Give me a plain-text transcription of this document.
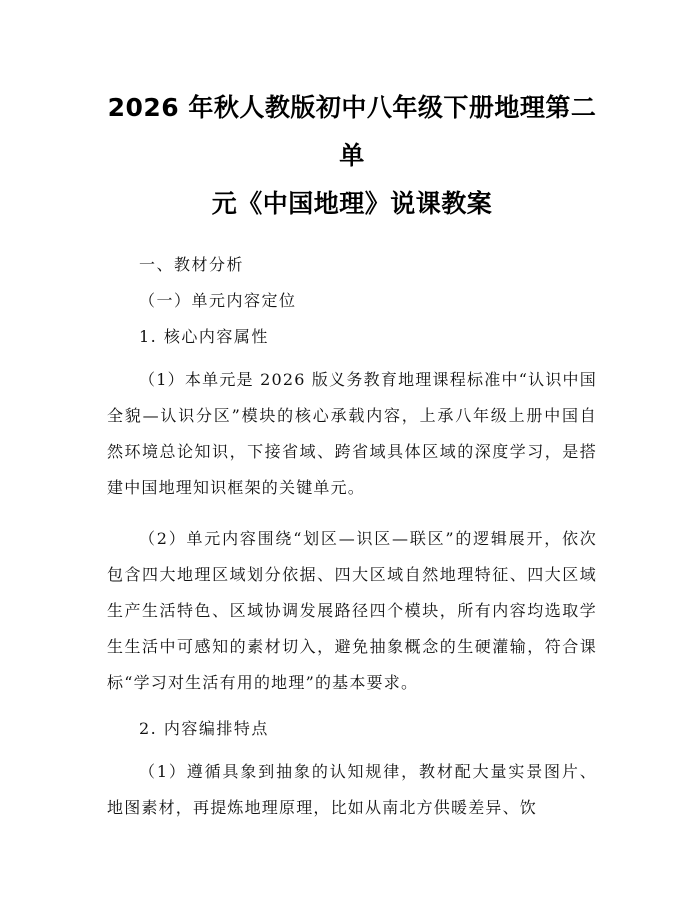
2026 年秋人教版初中八年级下册地理第二单
元《中国地理》说课教案

一、教材分析

（一）单元内容定位

1. 核心内容属性

（1）本单元是 2026 版义务教育地理课程标准中“认识中国全貌—认识分区”模块的核心承载内容，上承八年级上册中国自然环境总论知识，下接省域、跨省域具体区域的深度学习，是搭建中国地理知识框架的关键单元。

（2）单元内容围绕“划区—识区—联区”的逻辑展开，依次包含四大地理区域划分依据、四大区域自然地理特征、四大区域生产生活特色、区域协调发展路径四个模块，所有内容均选取学生生活中可感知的素材切入，避免抽象概念的生硬灌输，符合课标“学习对生活有用的地理”的基本要求。

2. 内容编排特点

（1）遵循具象到抽象的认知规律，教材配大量实景图片、地图素材，再提炼地理原理，比如从南北方供暖差异、饮
